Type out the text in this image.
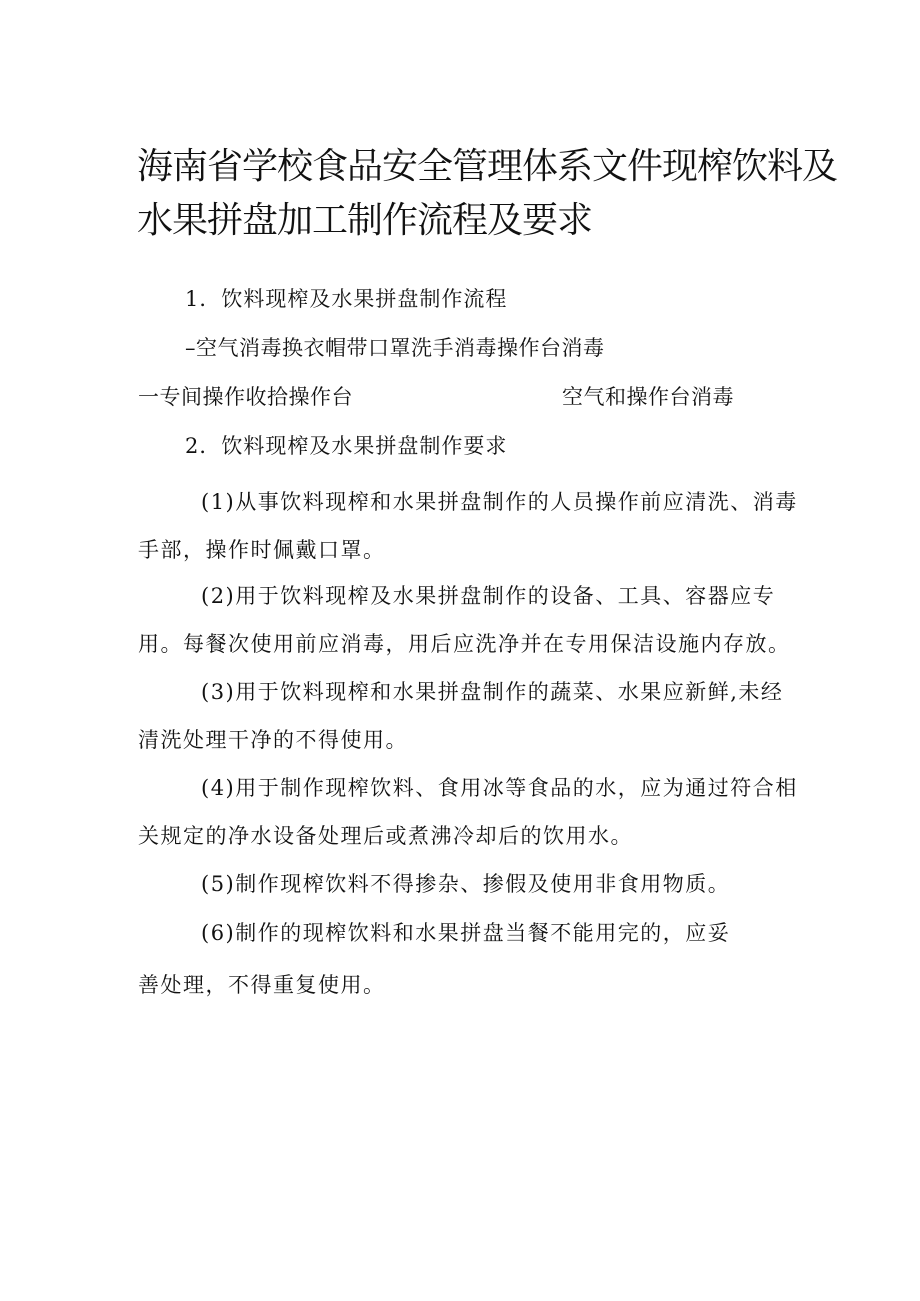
海南省学校食品安全管理体系文件现榨饮料及水果拼盘加工制作流程及要求

1．饮料现榨及水果拼盘制作流程

–空气消毒换衣帽带口罩洗手消毒操作台消毒

一专间操作收拾操作台	空气和操作台消毒

2．饮料现榨及水果拼盘制作要求

(1)从事饮料现榨和水果拼盘制作的人员操作前应清洗、消毒手部，操作时佩戴口罩。

(2)用于饮料现榨及水果拼盘制作的设备、工具、容器应专用。每餐次使用前应消毒，用后应洗净并在专用保洁设施内存放。

(3)用于饮料现榨和水果拼盘制作的蔬菜、水果应新鲜,未经清洗处理干净的不得使用。

(4)用于制作现榨饮料、食用冰等食品的水，应为通过符合相关规定的净水设备处理后或煮沸冷却后的饮用水。

(5)制作现榨饮料不得掺杂、掺假及使用非食用物质。

(6)制作的现榨饮料和水果拼盘当餐不能用完的，应妥

善处理，不得重复使用。
